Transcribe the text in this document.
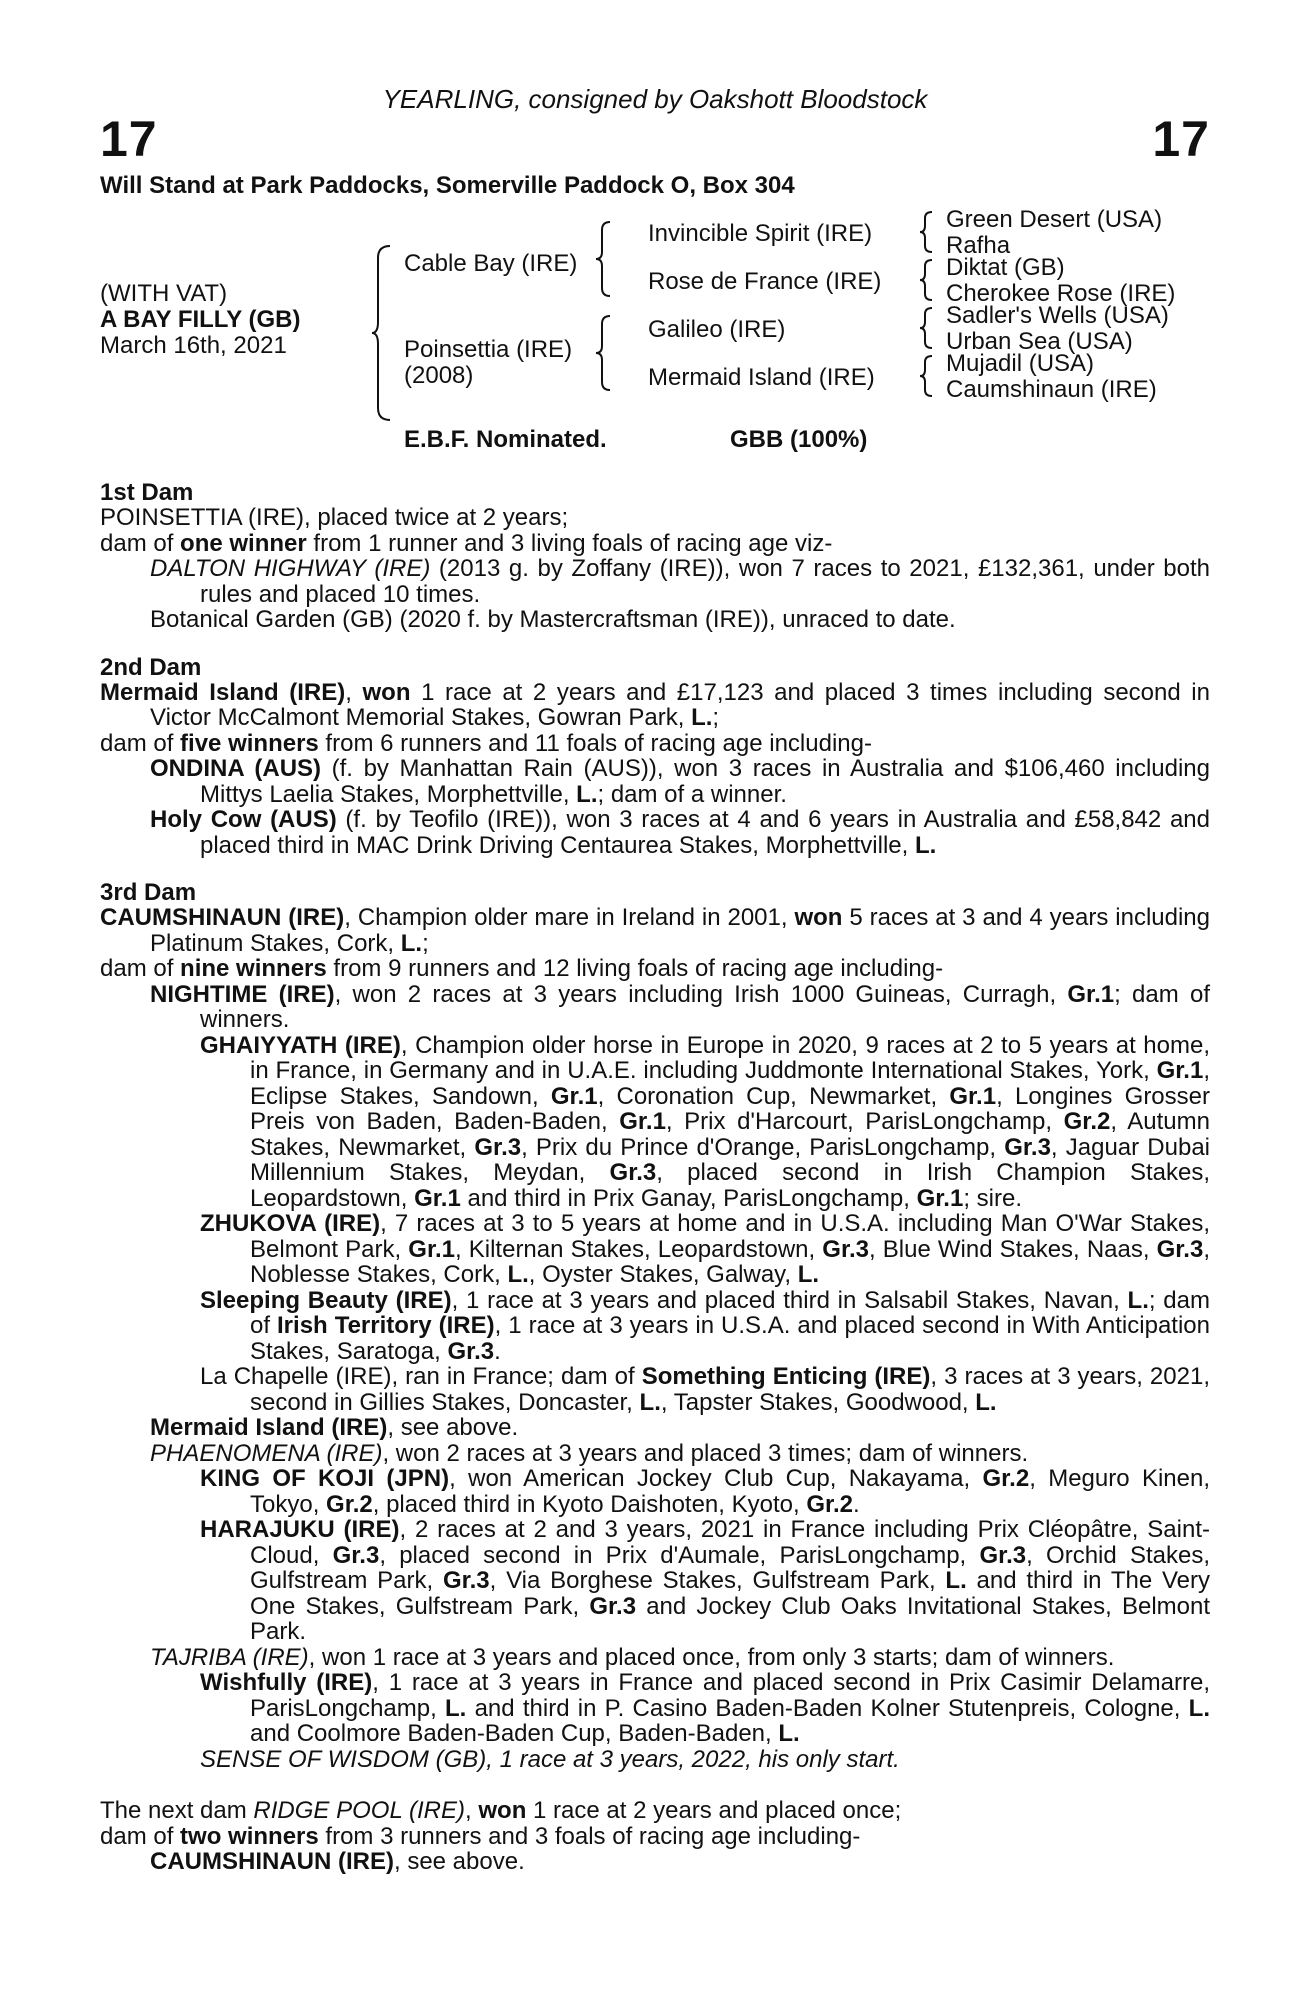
YEARLING, consigned by Oakshott Bloodstock
17	17
Will Stand at Park Paddocks, Somerville Paddock O, Box 304
(WITH VAT)
A BAY FILLY (GB)
March 16th, 2021
Cable Bay (IRE)
Poinsettia (IRE)
(2008)
Invincible Spirit (IRE)
Rose de France (IRE)
Galileo (IRE)
Mermaid Island (IRE)
Green Desert (USA)
Rafha
Diktat (GB)
Cherokee Rose (IRE)
Sadler's Wells (USA)
Urban Sea (USA)
Mujadil (USA)
Caumshinaun (IRE)
E.B.F. Nominated.	GBB (100%)
1st Dam
POINSETTIA (IRE), placed twice at 2 years;
dam of one winner from 1 runner and 3 living foals of racing age viz-
DALTON HIGHWAY (IRE) (2013 g. by Zoffany (IRE)), won 7 races to 2021, £132,361, under both rules and placed 10 times.
Botanical Garden (GB) (2020 f. by Mastercraftsman (IRE)), unraced to date.
2nd Dam
Mermaid Island (IRE), won 1 race at 2 years and £17,123 and placed 3 times including second in Victor McCalmont Memorial Stakes, Gowran Park, L.;
dam of five winners from 6 runners and 11 foals of racing age including-
ONDINA (AUS) (f. by Manhattan Rain (AUS)), won 3 races in Australia and $106,460 including Mittys Laelia Stakes, Morphettville, L.; dam of a winner.
Holy Cow (AUS) (f. by Teofilo (IRE)), won 3 races at 4 and 6 years in Australia and £58,842 and placed third in MAC Drink Driving Centaurea Stakes, Morphettville, L.
3rd Dam
CAUMSHINAUN (IRE), Champion older mare in Ireland in 2001, won 5 races at 3 and 4 years including Platinum Stakes, Cork, L.;
dam of nine winners from 9 runners and 12 living foals of racing age including-
NIGHTIME (IRE), won 2 races at 3 years including Irish 1000 Guineas, Curragh, Gr.1; dam of winners.
GHAIYYATH (IRE), Champion older horse in Europe in 2020, 9 races at 2 to 5 years at home, in France, in Germany and in U.A.E. including Juddmonte International Stakes, York, Gr.1, Eclipse Stakes, Sandown, Gr.1, Coronation Cup, Newmarket, Gr.1, Longines Grosser Preis von Baden, Baden-Baden, Gr.1, Prix d'Harcourt, ParisLongchamp, Gr.2, Autumn Stakes, Newmarket, Gr.3, Prix du Prince d'Orange, ParisLongchamp, Gr.3, Jaguar Dubai Millennium Stakes, Meydan, Gr.3, placed second in Irish Champion Stakes, Leopardstown, Gr.1 and third in Prix Ganay, ParisLongchamp, Gr.1; sire.
ZHUKOVA (IRE), 7 races at 3 to 5 years at home and in U.S.A. including Man O'War Stakes, Belmont Park, Gr.1, Kilternan Stakes, Leopardstown, Gr.3, Blue Wind Stakes, Naas, Gr.3, Noblesse Stakes, Cork, L., Oyster Stakes, Galway, L.
Sleeping Beauty (IRE), 1 race at 3 years and placed third in Salsabil Stakes, Navan, L.; dam of Irish Territory (IRE), 1 race at 3 years in U.S.A. and placed second in With Anticipation Stakes, Saratoga, Gr.3.
La Chapelle (IRE), ran in France; dam of Something Enticing (IRE), 3 races at 3 years, 2021, second in Gillies Stakes, Doncaster, L., Tapster Stakes, Goodwood, L.
Mermaid Island (IRE), see above.
PHAENOMENA (IRE), won 2 races at 3 years and placed 3 times; dam of winners.
KING OF KOJI (JPN), won American Jockey Club Cup, Nakayama, Gr.2, Meguro Kinen, Tokyo, Gr.2, placed third in Kyoto Daishoten, Kyoto, Gr.2.
HARAJUKU (IRE), 2 races at 2 and 3 years, 2021 in France including Prix Cléopâtre, Saint-Cloud, Gr.3, placed second in Prix d'Aumale, ParisLongchamp, Gr.3, Orchid Stakes, Gulfstream Park, Gr.3, Via Borghese Stakes, Gulfstream Park, L. and third in The Very One Stakes, Gulfstream Park, Gr.3 and Jockey Club Oaks Invitational Stakes, Belmont Park.
TAJRIBA (IRE), won 1 race at 3 years and placed once, from only 3 starts; dam of winners.
Wishfully (IRE), 1 race at 3 years in France and placed second in Prix Casimir Delamarre, ParisLongchamp, L. and third in P. Casino Baden-Baden Kolner Stutenpreis, Cologne, L. and Coolmore Baden-Baden Cup, Baden-Baden, L.
SENSE OF WISDOM (GB), 1 race at 3 years, 2022, his only start.
The next dam RIDGE POOL (IRE), won 1 race at 2 years and placed once;
dam of two winners from 3 runners and 3 foals of racing age including-
CAUMSHINAUN (IRE), see above.
